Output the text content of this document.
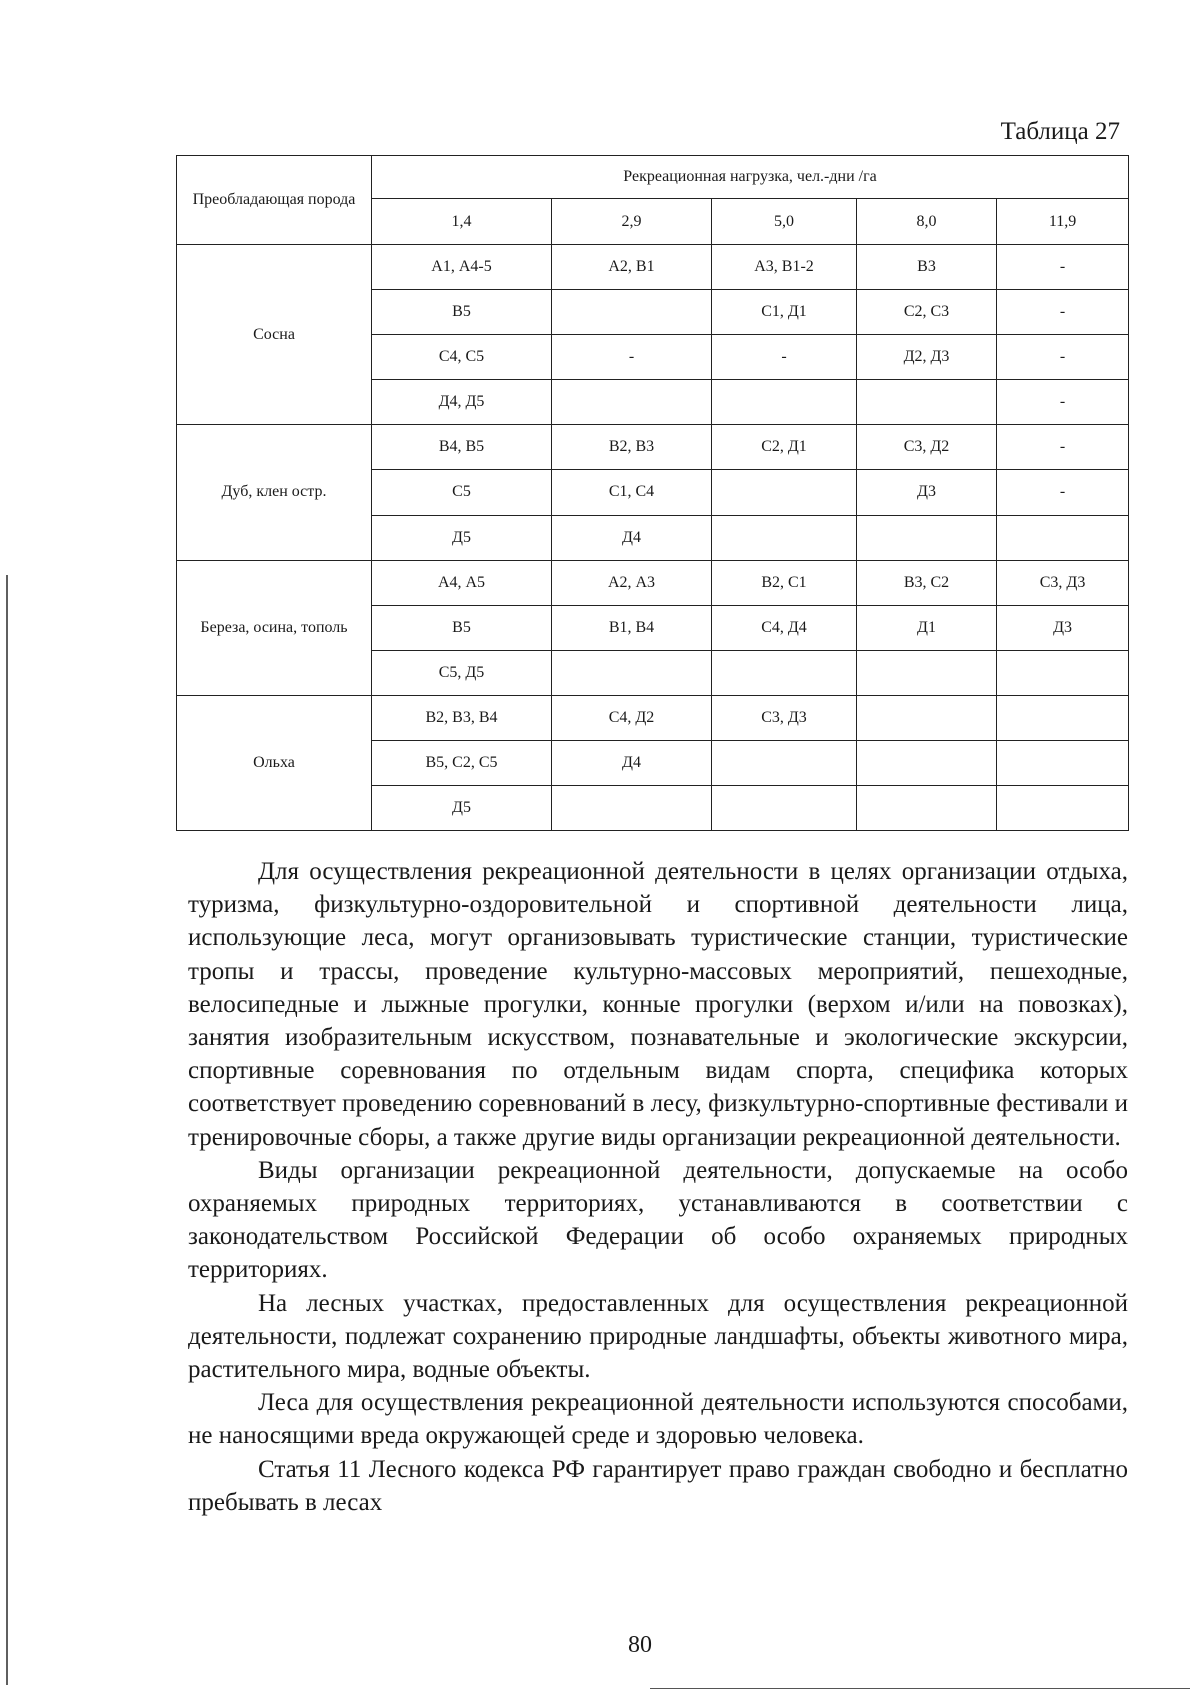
Таблица 27
Преобладающая порода	Рекреационная нагрузка, чел.-дни /га				
	1,4	2,9	5,0	8,0	11,9
Сосна	А1, А4-5	А2, В1	А3, В1-2	В3	-
	В5		С1, Д1	С2, С3	-
	С4, С5	-	-	Д2, Д3	-
	Д4, Д5				-
Дуб, клен остр.	В4, В5	В2, В3	С2, Д1	С3, Д2	-
	С5	С1, С4		Д3	-
	Д5	Д4			
Береза, осина, тополь	А4, А5	А2, А3	В2, С1	В3, С2	С3, Д3
	В5	В1, В4	С4, Д4	Д1	Д3
	С5, Д5				
Ольха	В2, В3, В4	С4, Д2	С3, Д3		
	В5, С2, С5	Д4			
	Д5				

Для осуществления рекреационной деятельности в целях организации отдыха, туризма, физкультурно-оздоровительной и спортивной деятельности лица, использующие леса, могут организовывать туристические станции, туристические тропы и трассы, проведение культурно-массовых мероприятий, пешеходные, велосипедные и лыжные прогулки, конные прогулки (верхом и/или на повозках), занятия изобразительным искусством, познавательные и экологические экскурсии, спортивные соревнования по отдельным видам спорта, специфика которых соответствует проведению соревнований в лесу, физкультурно-спортивные фестивали и тренировочные сборы, а также другие виды организации рекреационной деятельности.

Виды организации рекреационной деятельности, допускаемые на особо охраняемых природных территориях, устанавливаются в соответствии с законодательством Российской Федерации об особо охраняемых природных территориях.

На лесных участках, предоставленных для осуществления рекреационной деятельности, подлежат сохранению природные ландшафты, объекты животного мира, растительного мира, водные объекты.

Леса для осуществления рекреационной деятельности используются способами, не наносящими вреда окружающей среде и здоровью человека.

Статья 11 Лесного кодекса РФ гарантирует право граждан свободно и бесплатно пребывать в лесах

80
